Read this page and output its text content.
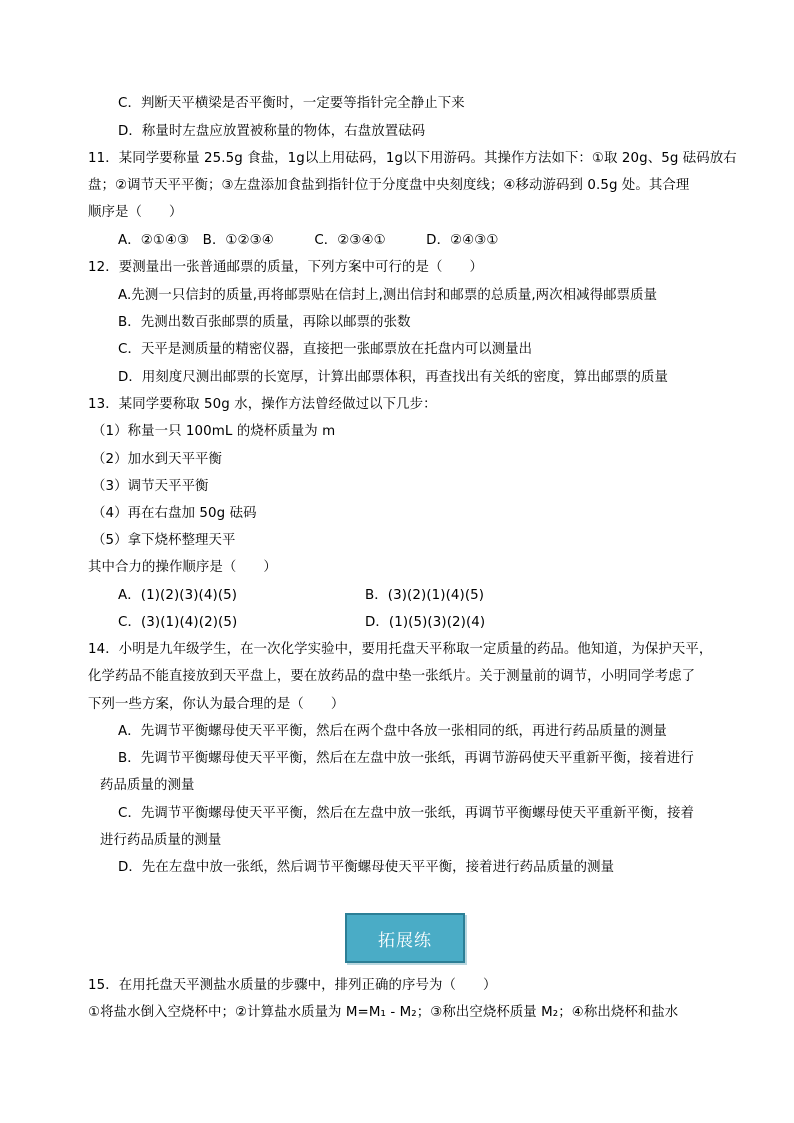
C．判断天平横梁是否平衡时，一定要等指针完全静止下来
D．称量时左盘应放置被称量的物体，右盘放置砝码
11．某同学要称量 25.5g 食盐，1g以上用砝码，1g以下用游码。其操作方法如下：①取 20g、5g 砝码放右
盘；②调节天平平衡；③左盘添加食盐到指针位于分度盘中央刻度线；④移动游码到 0.5g 处。其合理
顺序是（　　）
A．②①④③　B．①②③④　　　C．②③④①　　　D．②④③①
12．要测量出一张普通邮票的质量，下列方案中可行的是（　　）
A.先测一只信封的质量,再将邮票贴在信封上,测出信封和邮票的总质量,两次相减得邮票质量
B．先测出数百张邮票的质量，再除以邮票的张数
C．天平是测质量的精密仪器，直接把一张邮票放在托盘内可以测量出
D．用刻度尺测出邮票的长宽厚，计算出邮票体积，再查找出有关纸的密度，算出邮票的质量
13．某同学要称取 50g 水，操作方法曾经做过以下几步：
（1）称量一只 100mL 的烧杯质量为 m
（2）加水到天平平衡
（3）调节天平平衡
（4）再在右盘加 50g 砝码
（5）拿下烧杯整理天平
其中合力的操作顺序是（　　）
A．(1)(2)(3)(4)(5)	B．(3)(2)(1)(4)(5)
C．(3)(1)(4)(2)(5)	D．(1)(5)(3)(2)(4)
14．小明是九年级学生，在一次化学实验中，要用托盘天平称取一定质量的药品。他知道，为保护天平，
化学药品不能直接放到天平盘上，要在放药品的盘中垫一张纸片。关于测量前的调节，小明同学考虑了
下列一些方案，你认为最合理的是（　　）
A．先调节平衡螺母使天平平衡，然后在两个盘中各放一张相同的纸，再进行药品质量的测量
B．先调节平衡螺母使天平平衡，然后在左盘中放一张纸，再调节游码使天平重新平衡，接着进行
药品质量的测量
C．先调节平衡螺母使天平平衡，然后在左盘中放一张纸，再调节平衡螺母使天平重新平衡，接着
进行药品质量的测量
D．先在左盘中放一张纸，然后调节平衡螺母使天平平衡，接着进行药品质量的测量
拓展练
15．在用托盘天平测盐水质量的步骤中，排列正确的序号为（　　）
①将盐水倒入空烧杯中；②计算盐水质量为 M=M₁ - M₂；③称出空烧杯质量 M₂；④称出烧杯和盐水
